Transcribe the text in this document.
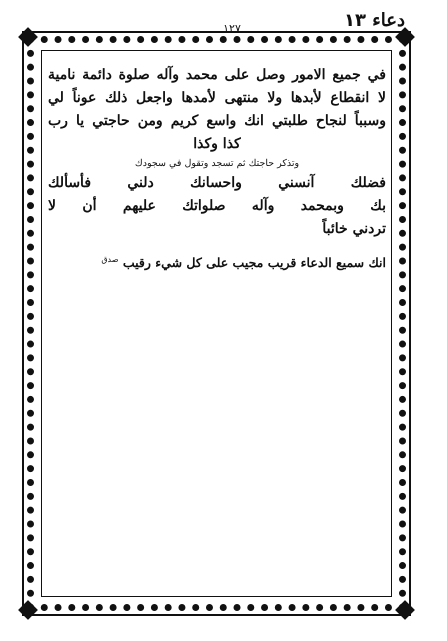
١٢٧	دعاء ١٣
في جميع الامور وصل على محمد وآله صلوة دائمة نامية
لا انقطاع لأبدها ولا منتهى لأمدها واجعل ذلك عوناً لي
وسبباً لنجاح طلبتي انك واسع كريم ومن حاجتي يا رب
كذا وكذا
وتذكر حاجتك ثم تسجد وتقول في سجودك
فضلك آنسني واحسانك دلني فأسألك
بك وبمحمد وآله صلواتك عليهم أن لا
تردني خائباً
انك سميع الدعاء قريب مجيب على كل شيء رقيب $^{صدق}$
